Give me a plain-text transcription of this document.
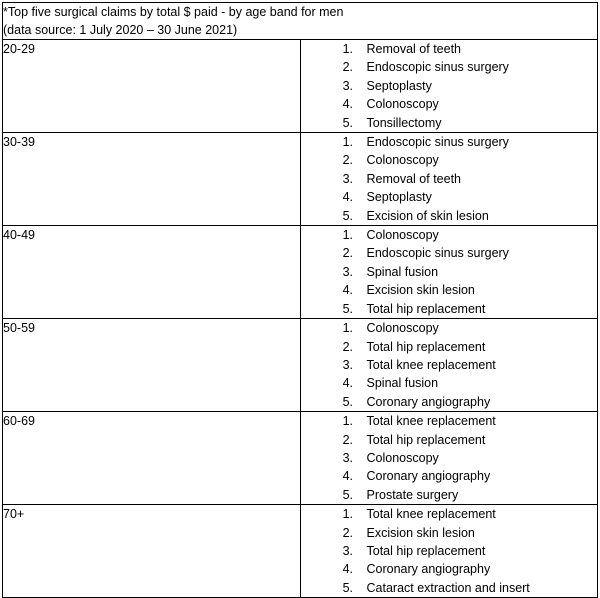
*Top five surgical claims by total $ paid - by age band for men
(data source: 1 July 2020 – 30 June 2021)	

20-29	
1.Removal of teeth
2. Endoscopic sinus surgery
3. Septoplasty
4. Colonoscopy
5. Tonsillectomy

30-39	
1.Endoscopic sinus surgery
2. Colonoscopy
3. Removal of teeth
4. Septoplasty
5. Excision of skin lesion

40-49	
1.Colonoscopy
2. Endoscopic sinus surgery
3. Spinal fusion
4. Excision skin lesion
5. Total hip replacement

50-59	
1.Colonoscopy
2. Total hip replacement
3. Total knee replacement
4. Spinal fusion
5. Coronary angiography

60-69	
1.Total knee replacement
2. Total hip replacement
3. Colonoscopy
4. Coronary angiography
5. Prostate surgery

70+	
1.Total knee replacement
2. Excision skin lesion
3. Total hip replacement
4. Coronary angiography
5. Cataract extraction and insert
